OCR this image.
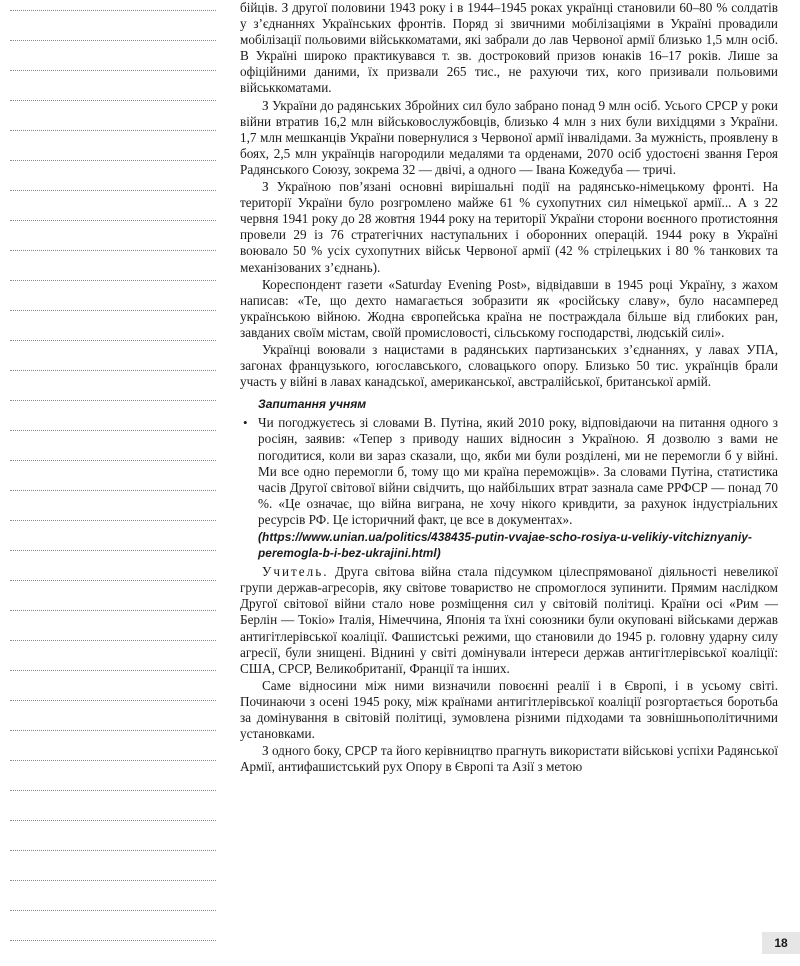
бійців. З другої половини 1943 року і в 1944–1945 роках українці становили 60–80 % солдатів у з’єднаннях Українських фронтів. Поряд зі звичними мобілізаціями в Україні провадили мобілізації польовими військкоматами, які забрали до лав Червоної армії близько 1,5 млн осіб. В Україні широко практикувався т. зв. достроковий призов юнаків 16–17 років. Лише за офіційними даними, їх призвали 265 тис., не рахуючи тих, кого призивали польовими військкоматами.

З України до радянських Збройних сил було забрано понад 9 млн осіб. Усього СРСР у роки війни втратив 16,2 млн військовослужбовців, близько 4 млн з них були вихідцями з України. 1,7 млн мешканців України повернулися з Червоної армії інвалідами. За мужність, проявлену в боях, 2,5 млн українців нагородили медалями та орденами, 2070 осіб удостоєні звання Героя Радянського Союзу, зокрема 32 — двічі, а одного — Івана Кожедуба — тричі.

З Україною пов’язані основні вирішальні події на радянсько-німецькому фронті. На території України було розгромлено майже 61 % сухопутних сил німецької армії... А з 22 червня 1941 року до 28 жовтня 1944 року на території України сторони воєнного протистояння провели 29 із 76 стратегічних наступальних і оборонних операцій. 1944 року в Україні воювало 50 % усіх сухопутних військ Червоної армії (42 % стрілецьких і 80 % танкових та механізованих з’єднань).

Кореспондент газети «Saturday Evening Post», відвідавши в 1945 році Україну, з жахом написав: «Те, що дехто намагається зобразити як «російську славу», було насамперед українською війною. Жодна європейська країна не постраждала більше від глибоких ран, завданих своїм містам, своїй промисловості, сільському господарстві, людській силі».

Українці воювали з нацистами в радянських партизанських з’єднаннях, у лавах УПА, загонах французького, югославського, словацького опору. Близько 50 тис. українців брали участь у війні в лавах канадської, американської, австралійської, британської армій.

Запитання учням
• Чи погоджуєтесь зі словами В. Путіна, який 2010 року, відповідаючи на питання одного з росіян, заявив: «Тепер з приводу наших відносин з Україною. Я дозволю з вами не погодитися, коли ви зараз сказали, що, якби ми були розділені, ми не перемогли б у війні. Ми все одно перемогли б, тому що ми країна переможців». За словами Путіна, статистика часів Другої світової війни свідчить, що найбільших втрат зазнала саме РРФСР — понад 70 %. «Це означає, що війна виграна, не хочу нікого кривдити, за рахунок індустріальних ресурсів РФ. Це історичний факт, це все в документах».

(https://www.unian.ua/politics/438435-putin-vvajae-scho-rosiya-u-velikiy-vitchiznyaniy-peremogla-b-i-bez-ukrajini.html)

Учитель. Друга світова війна стала підсумком цілеспрямованої діяльності невеликої групи держав-агресорів, яку світове товариство не спромоглося зупинити. Прямим наслідком Другої світової війни стало нове розміщення сил у світовій політиці. Країни осі «Рим — Берлін — Токіо» Італія, Німеччина, Японія та їхні союзники були окуповані військами держав антигітлерівської коаліції. Фашистські режими, що становили до 1945 р. головну ударну силу агресії, були знищені. Віднині у світі домінували інтереси держав антигітлерівської коаліції: США, СРСР, Великобританії, Франції та інших.

Саме відносини між ними визначили повоєнні реалії і в Європі, і в усьому світі. Починаючи з осені 1945 року, між країнами антигітлерівської коаліції розгортається боротьба за домінування в світовій політиці, зумовлена різними підходами та зовнішньополітичними установками.

З одного боку, СРСР та його керівництво прагнуть використати військові успіхи Радянської Армії, антифашистський рух Опору в Європі та Азії з метою

18
